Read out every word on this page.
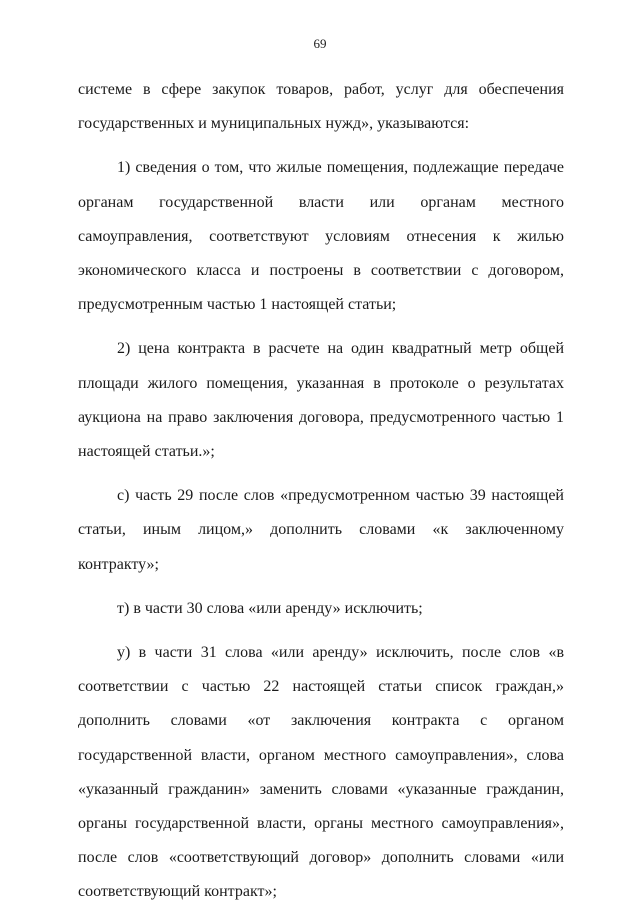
69

системе в сфере закупок товаров, работ, услуг для обеспечения государственных и муниципальных нужд», указываются:

1) сведения о том, что жилые помещения, подлежащие передаче органам государственной власти или органам местного самоуправления, соответствуют условиям отнесения к жилью экономического класса и построены в соответствии с договором, предусмотренным частью 1 настоящей статьи;

2) цена контракта в расчете на один квадратный метр общей площади жилого помещения, указанная в протоколе о результатах аукциона на право заключения договора, предусмотренного частью 1 настоящей статьи.»;

с) часть 29 после слов «предусмотренном частью 39 настоящей статьи, иным лицом,» дополнить словами «к заключенному контракту»;

т) в части 30 слова «или аренду» исключить;

у) в части 31 слова «или аренду» исключить, после слов «в соответствии с частью 22 настоящей статьи список граждан,» дополнить словами «от заключения контракта с органом государственной власти, органом местного самоуправления», слова «указанный гражданин» заменить словами «указанные гражданин, органы государственной власти, органы местного самоуправления», после слов «соответствующий договор» дополнить словами «или соответствующий контракт»;
